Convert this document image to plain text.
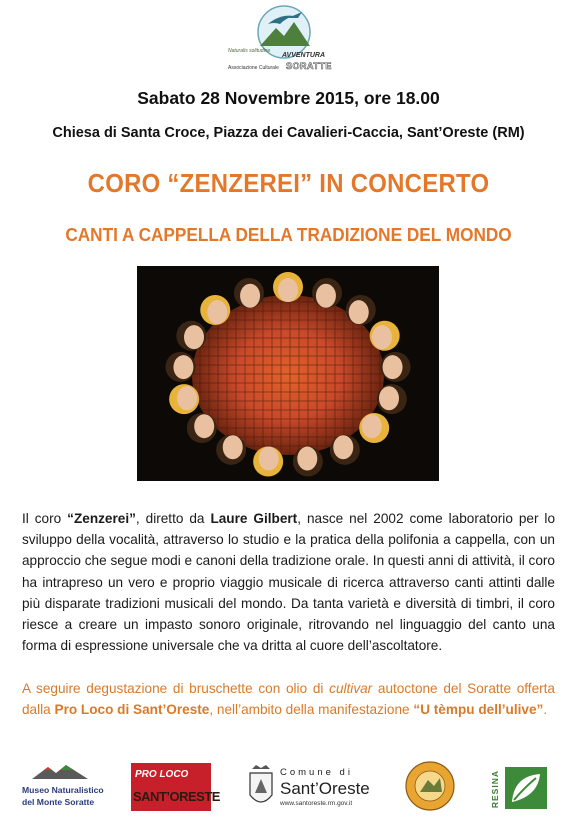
Naturalis solitudine
AVVENTURA
Associazione Culturale SORATTE
Sabato 28 Novembre 2015, ore 18.00
Chiesa di Santa Croce, Piazza dei Cavalieri-Caccia, Sant’Oreste (RM)
CORO “ZENZEREI” IN CONCERTO
CANTI A CAPPELLA DELLA TRADIZIONE DEL MONDO
Il coro “Zenzerei”, diretto da Laure Gilbert, nasce nel 2002 come laboratorio per lo sviluppo della vocalità, attraverso lo studio e la pratica della polifonia a cappella, con un approccio che segue modi e canoni della tradizione orale. In questi anni di attività, il coro ha intrapreso un vero e proprio viaggio musicale di ricerca attraverso canti attinti dalle più disparate tradizioni musicali del mondo. Da tanta varietà e diversità di timbri, il coro riesce a creare un impasto sonoro originale, ritrovando nel linguaggio del canto una forma di espressione universale che va dritta al cuore dell’ascoltatore.
A seguire degustazione di bruschette con olio di cultivar autoctone del Soratte offerta dalla Pro Loco di Sant’Oreste, nell’ambito della manifestazione “U tèmpu dell’ulive”.
Museo Naturalistico
del Monte Soratte
PRO LOCO
SANT’ORESTE
Comune di
Sant’Oreste
www.santoreste.rm.gov.it	RESINA
